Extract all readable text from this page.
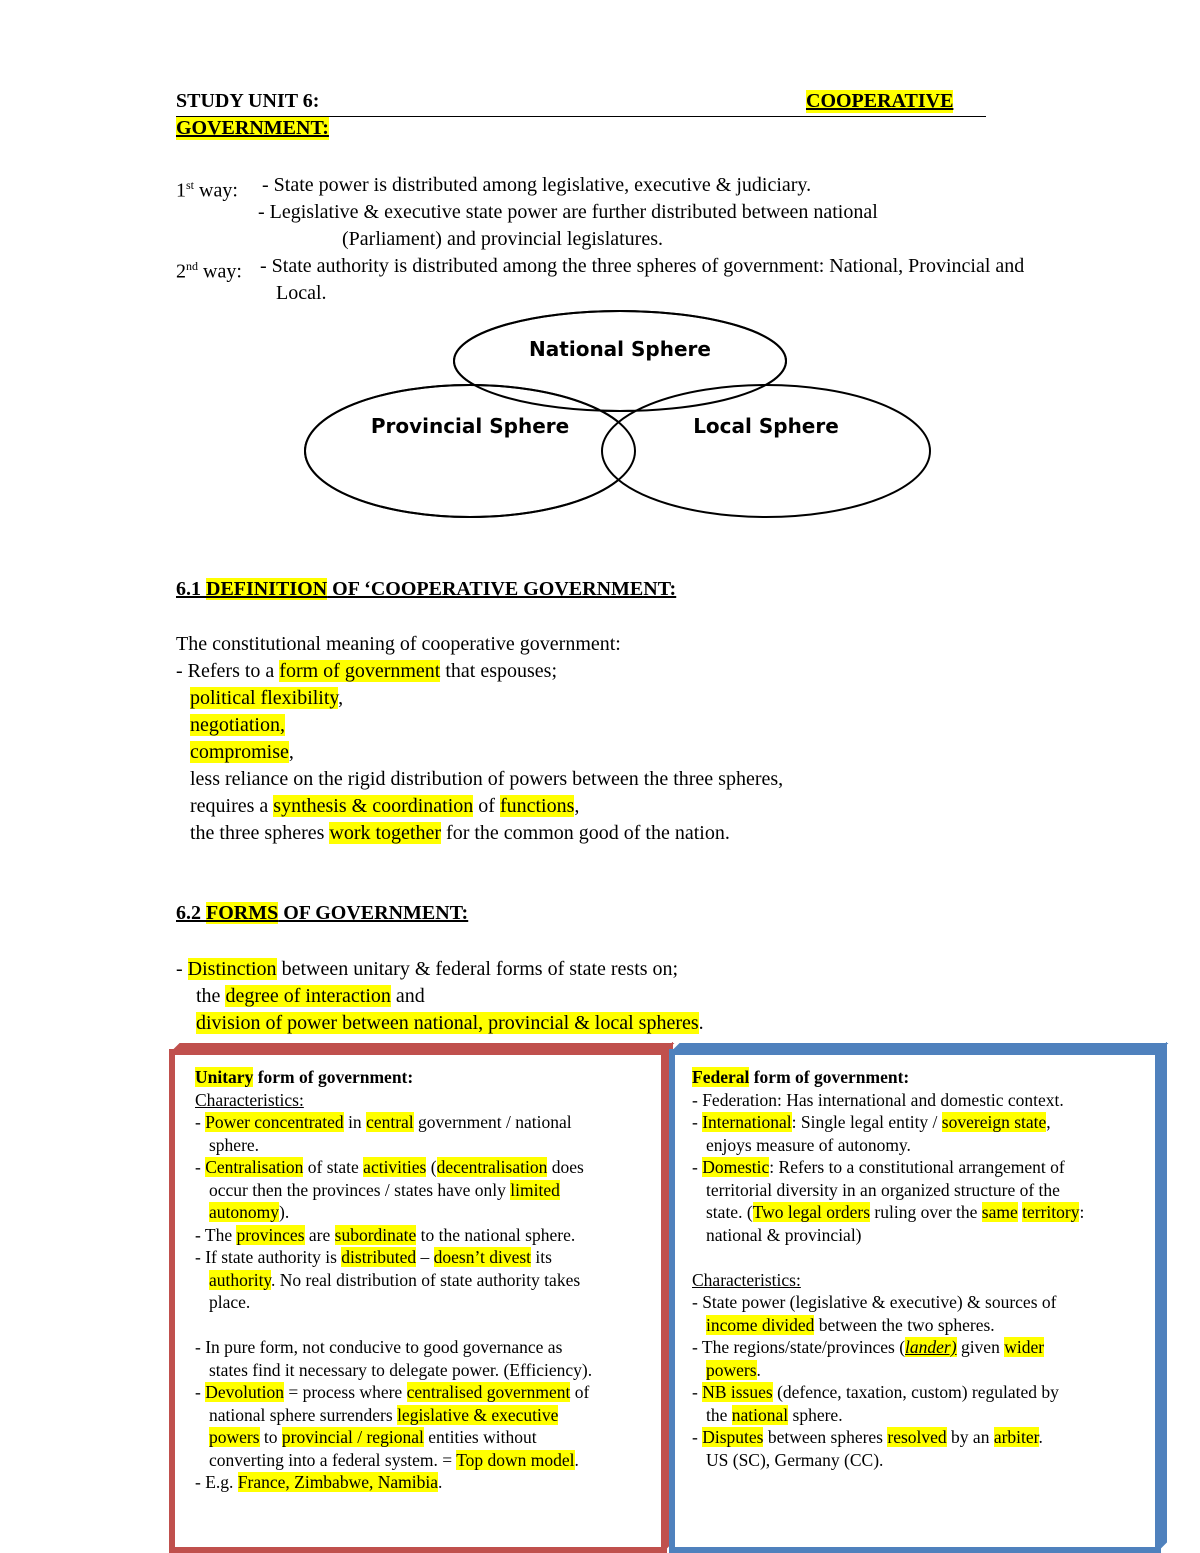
STUDY UNIT 6:	COOPERATIVE
GOVERNMENT:
1st way: - State power is distributed among legislative, executive & judiciary.
- Legislative & executive state power are further distributed between national
(Parliament) and provincial legislatures.
2nd way: - State authority is distributed among the three spheres of government: National, Provincial and
Local.
National Sphere
Provincial Sphere	Local Sphere
6.1 DEFINITION OF ‘COOPERATIVE GOVERNMENT:
The constitutional meaning of cooperative government:
- Refers to a form of government that espouses;
political flexibility,
negotiation,
compromise,
less reliance on the rigid distribution of powers between the three spheres,
requires a synthesis & coordination of functions,
the three spheres work together for the common good of the nation.
6.2 FORMS OF GOVERNMENT:
- Distinction between unitary & federal forms of state rests on;
the degree of interaction and
division of power between national, provincial & local spheres.
Unitary form of government:
Characteristics:
- Power concentrated in central government / national
sphere.
- Centralisation of state activities (decentralisation does
occur then the provinces / states have only limited
autonomy).
- The provinces are subordinate to the national sphere.
- If state authority is distributed – doesn’t divest its
authority. No real distribution of state authority takes
place.
- In pure form, not conducive to good governance as
states find it necessary to delegate power. (Efficiency).
- Devolution = process where centralised government of
national sphere surrenders legislative & executive
powers to provincial / regional entities without
converting into a federal system. = Top down model.
- E.g. France, Zimbabwe, Namibia.
Federal form of government:
- Federation: Has international and domestic context.
- International: Single legal entity / sovereign state,
enjoys measure of autonomy.
- Domestic: Refers to a constitutional arrangement of
territorial diversity in an organized structure of the
state. (Two legal orders ruling over the same territory:
national & provincial)
Characteristics:
- State power (legislative & executive) & sources of
income divided between the two spheres.
- The regions/state/provinces (lander) given wider
powers.
- NB issues (defence, taxation, custom) regulated by
the national sphere.
- Disputes between spheres resolved by an arbiter.
US (SC), Germany (CC).
